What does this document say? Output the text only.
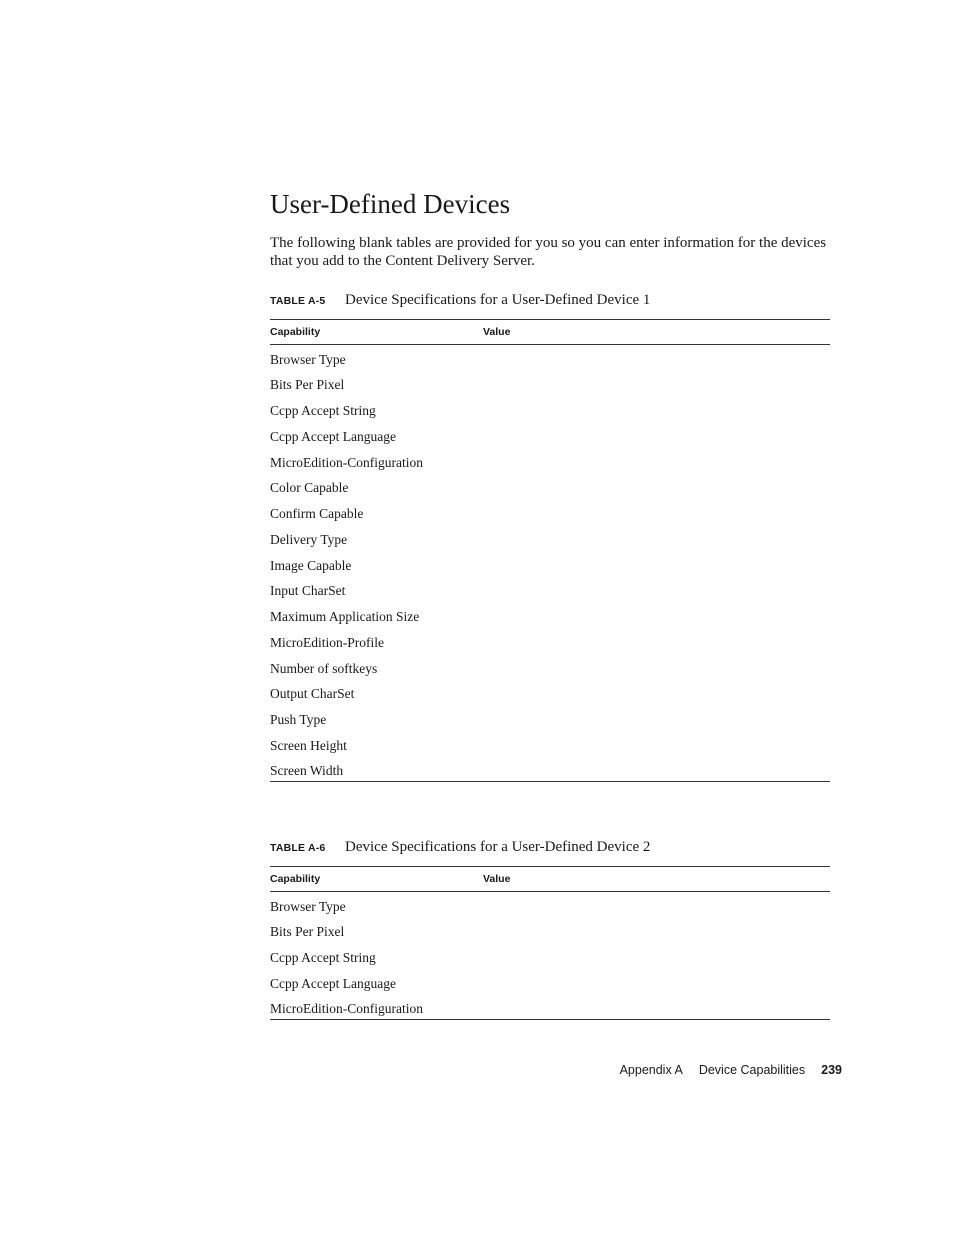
User-Defined Devices

The following blank tables are provided for you so you can enter information for the devices that you add to the Content Delivery Server.

TABLE A-5 Device Specifications for a User-Defined Device 1
Capability	Value
Browser Type	
Bits Per Pixel	
Ccpp Accept String	
Ccpp Accept Language	
MicroEdition-Configuration	
Color Capable	
Confirm Capable	
Delivery Type	
Image Capable	
Input CharSet	
Maximum Application Size	
MicroEdition-Profile	
Number of softkeys	
Output CharSet	
Push Type	
Screen Height	
Screen Width	
TABLE A-6 Device Specifications for a User-Defined Device 2
Capability	Value
Browser Type	
Bits Per Pixel	
Ccpp Accept String	
Ccpp Accept Language	
MicroEdition-Configuration	
Appendix A Device Capabilities 239
